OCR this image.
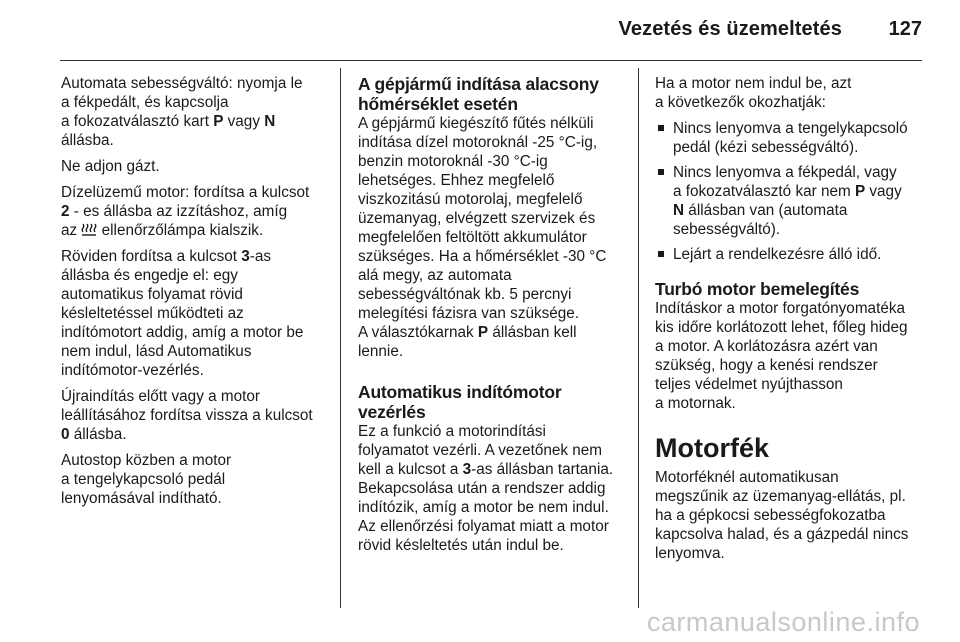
Vezetés és üzemeltetés 127

Automata sebességváltó: nyomja le
a fékpedált, és kapcsolja
a fokozatválasztó kart P vagy N
állásba.

Ne adjon gázt.

Dízelüzemű motor: fordítsa a kulcsot
2 - es állásba az izzításhoz, amíg
az  ellenőrzőlámpa kialszik.

Röviden fordítsa a kulcsot 3-as
állásba és engedje el: egy
automatikus folyamat rövid
késleltetéssel működteti az
indítómotort addig, amíg a motor be
nem indul, lásd Automatikus
indítómotor-vezérlés.

Újraindítás előtt vagy a motor
leállításához fordítsa vissza a kulcsot
0 állásba.

Autostop közben a motor
a tengelykapcsoló pedál
lenyomásával indítható.

A gépjármű indítása alacsony
hőmérséklet esetén

A gépjármű kiegészítő fűtés nélküli
indítása dízel motoroknál -25 °C-ig,
benzin motoroknál -30 °C-ig
lehetséges. Ehhez megfelelő
viszkozitású motorolaj, megfelelő
üzemanyag, elvégzett szervizek és
megfelelően feltöltött akkumulátor
szükséges. Ha a hőmérséklet -30 °C
alá megy, az automata
sebességváltónak kb. 5 percnyi
melegítési fázisra van szüksége.
A választókarnak P állásban kell
lennie.

Automatikus indítómotor
vezérlés

Ez a funkció a motorindítási
folyamatot vezérli. A vezetőnek nem
kell a kulcsot a 3-as állásban tartania.
Bekapcsolása után a rendszer addig
indítózik, amíg a motor be nem indul.
Az ellenőrzési folyamat miatt a motor
rövid késleltetés után indul be.

Ha a motor nem indul be, azt
a következők okozhatják:

Nincs lenyomva a tengelykapcsoló
pedál (kézi sebességváltó).
Nincs lenyomva a fékpedál, vagy
a fokozatválasztó kar nem P vagy
N állásban van (automata
sebességváltó).
Lejárt a rendelkezésre álló idő.
Turbó motor bemelegítés

Indításkor a motor forgatónyomatéka
kis időre korlátozott lehet, főleg hideg
a motor. A korlátozásra azért van
szükség, hogy a kenési rendszer
teljes védelmet nyújthasson
a motornak.

Motorfék

Motorféknél automatikusan
megszűnik az üzemanyag-ellátás, pl.
ha a gépkocsi sebességfokozatba
kapcsolva halad, és a gázpedál nincs
lenyomva.

carmanualsonline.info
